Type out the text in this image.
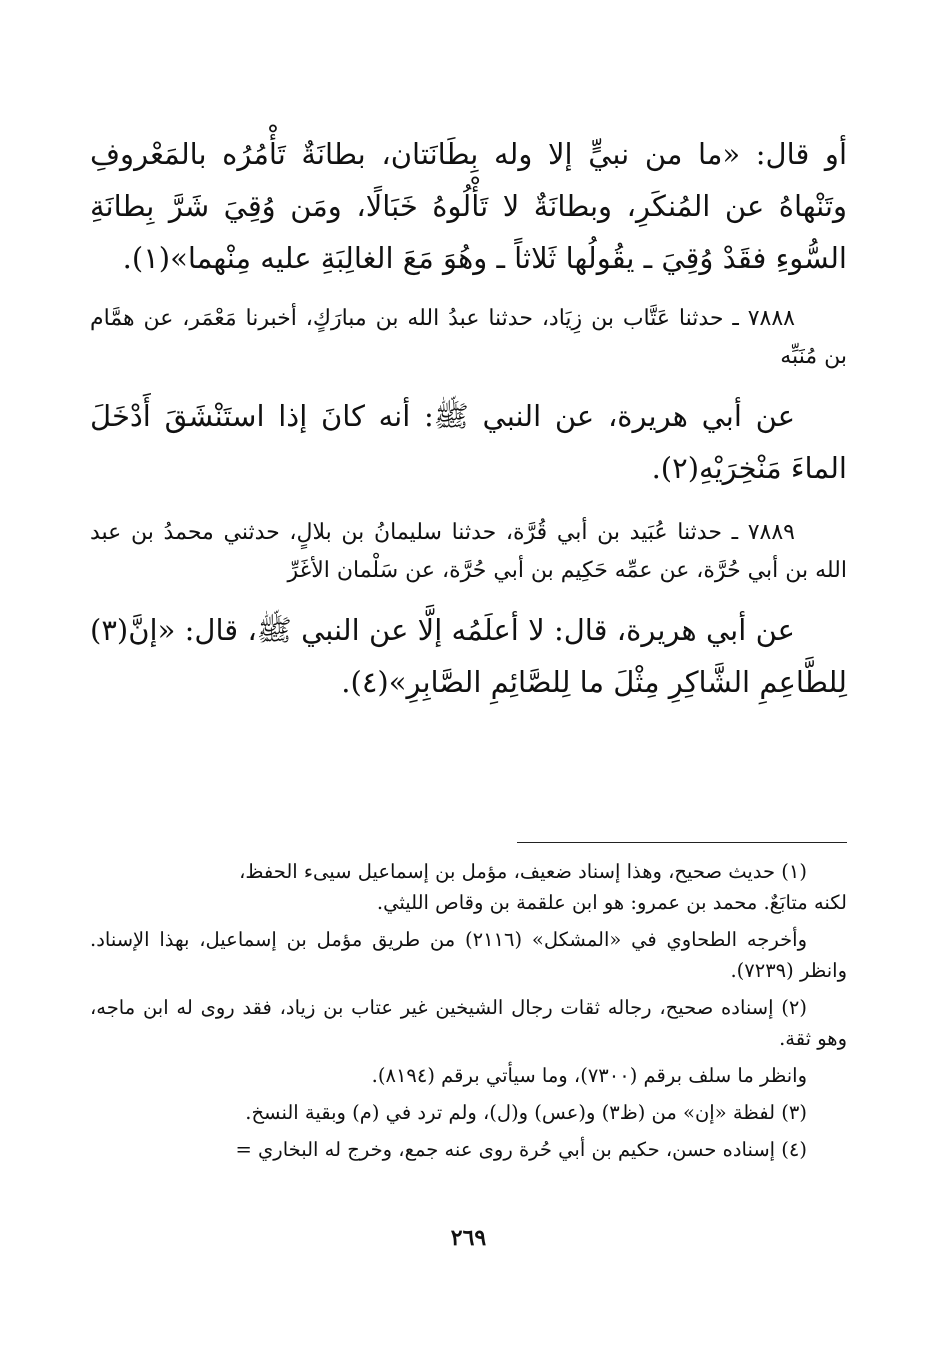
أو قال: «ما من نبيٍّ إلا وله بِطَانَتان، بطانَةٌ تَأْمُرُه بالمَعْروفِ وتَنْهاهُ عن المُنكَرِ، وبطانَةٌ لا تَأْلُوهُ خَبَالًا، ومَن وُقِيَ شَرَّ بِطانَةِ السُّوءِ فقَدْ وُقِيَ ـ يقُولُها ثَلاثاً ـ وهُوَ مَعَ الغالِبَةِ عليه مِنْهما»(١).

٧٨٨٨ ـ حدثنا عَتَّاب بن زِيَاد، حدثنا عبدُ الله بن مبارَكٍ، أخبرنا مَعْمَر، عن همَّام بن مُنَبِّه

عن أبي هريرة، عن النبي ﷺ: أنه كانَ إذا استَنْشَقَ أَدْخَلَ الماءَ مَنْخِرَيْهِ(٢).

٧٨٨٩ ـ حدثنا عُبَيد بن أبي قُرَّة، حدثنا سليمانُ بن بلالٍ، حدثني محمدُ بن عبد الله بن أبي حُرَّة، عن عمِّه حَكِيم بن أبي حُرَّة، عن سَلْمان الأغَرِّ

عن أبي هريرة، قال: لا أعلَمُه إلَّا عن النبي ﷺ، قال: «إنَّ(٣) لِلطَّاعِمِ الشَّاكِرِ مِثْلَ ما لِلصَّائِمِ الصَّابِرِ»(٤).

(١) حديث صحيح، وهذا إسناد ضعيف، مؤمل بن إسماعيل سيىء الحفظ،
لكنه متابَعٌ. محمد بن عمرو: هو ابن علقمة بن وقاص الليثي.

وأخرجه الطحاوي في «المشكل» (٢١١٦) من طريق مؤمل بن إسماعيل، بهذا الإسناد. وانظر (٧٢٣٩).

(٢) إسناده صحيح، رجاله ثقات رجال الشيخين غير عتاب بن زياد، فقد روى له ابن ماجه، وهو ثقة.

وانظر ما سلف برقم (٧٣٠٠)، وما سيأتي برقم (٨١٩٤).

(٣) لفظة «إن» من (ظ٣) و(عس) و(ل)، ولم ترد في (م) وبقية النسخ.

(٤) إسناده حسن، حكيم بن أبي حُرة روى عنه جمع، وخرج له البخاري =

٢٦٩
